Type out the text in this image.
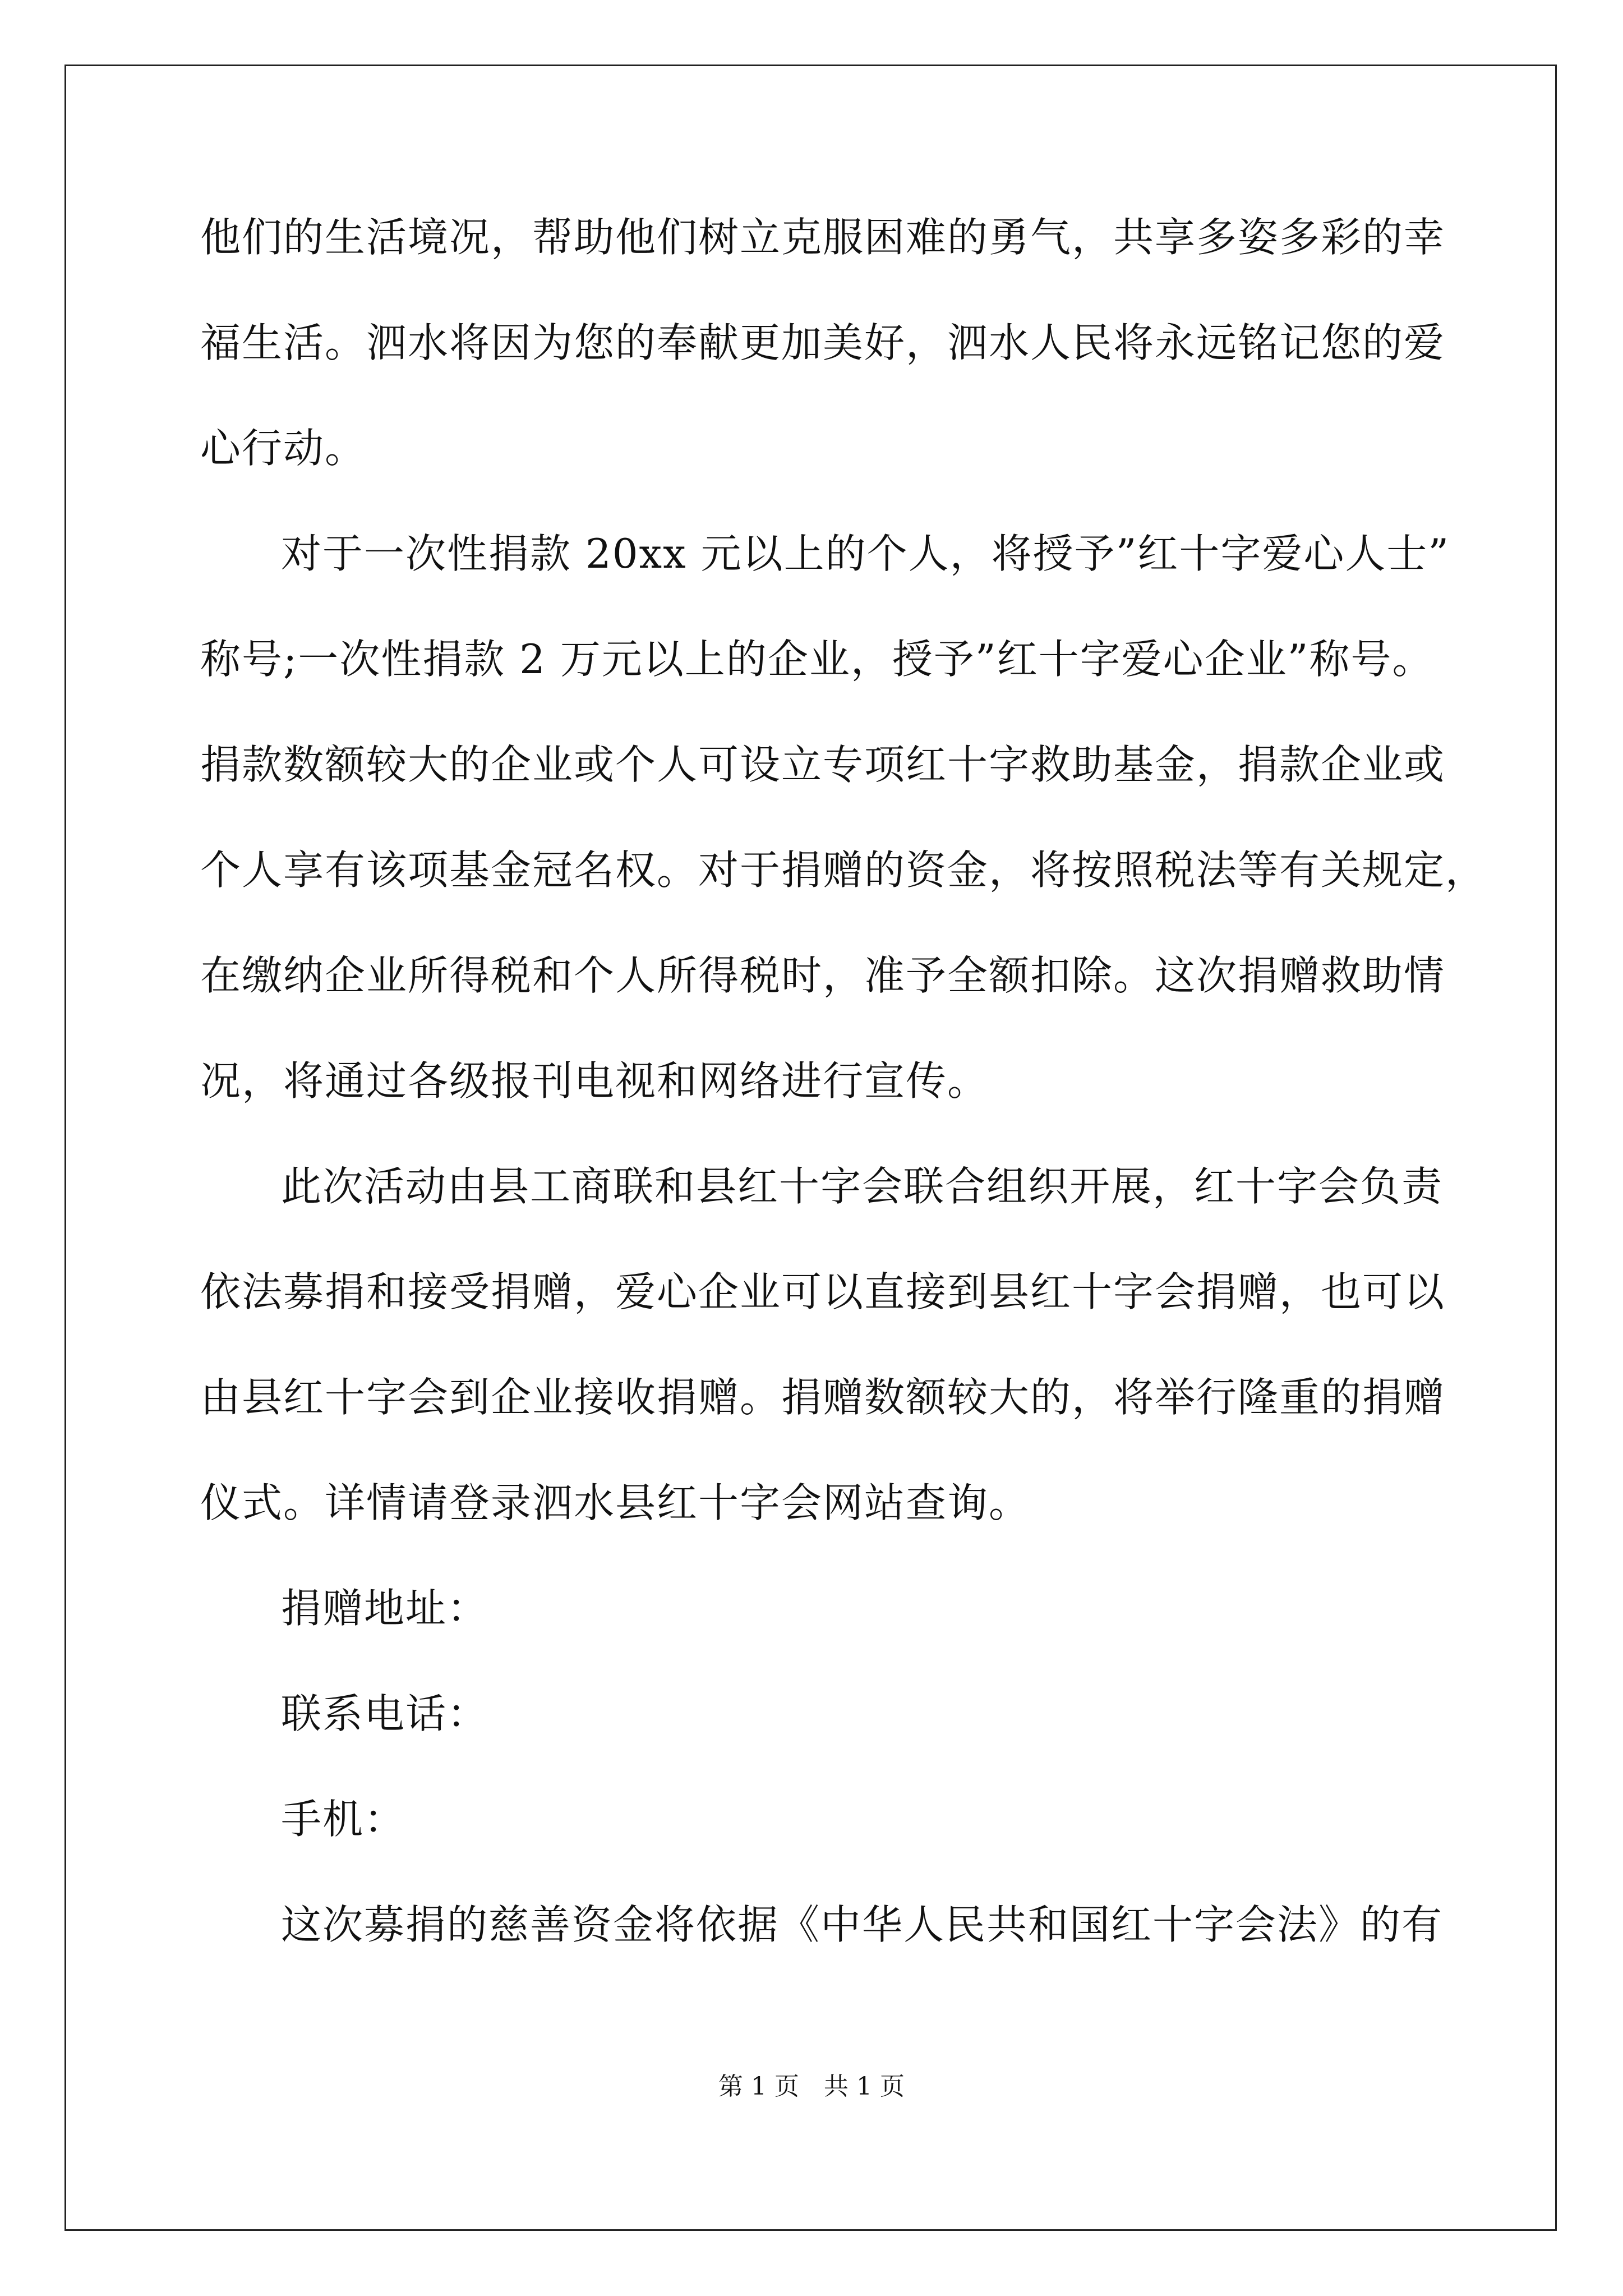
他们的生活境况，帮助他们树立克服困难的勇气，共享多姿多彩的幸
福生活。泗水将因为您的奉献更加美好，泗水人民将永远铭记您的爱
心行动。
对于一次性捐款 20xx 元以上的个人，将授予”红十字爱心人士”
称号;一次性捐款 2 万元以上的企业，授予”红十字爱心企业”称号。
捐款数额较大的企业或个人可设立专项红十字救助基金，捐款企业或
个人享有该项基金冠名权。对于捐赠的资金，将按照税法等有关规定，
在缴纳企业所得税和个人所得税时，准予全额扣除。这次捐赠救助情
况，将通过各级报刊电视和网络进行宣传。
此次活动由县工商联和县红十字会联合组织开展，红十字会负责
依法募捐和接受捐赠，爱心企业可以直接到县红十字会捐赠，也可以
由县红十字会到企业接收捐赠。捐赠数额较大的，将举行隆重的捐赠
仪式。详情请登录泗水县红十字会网站查询。
捐赠地址：
联系电话：
手机：
这次募捐的慈善资金将依据《中华人民共和国红十字会法》的有
第 1 页 共 1 页
